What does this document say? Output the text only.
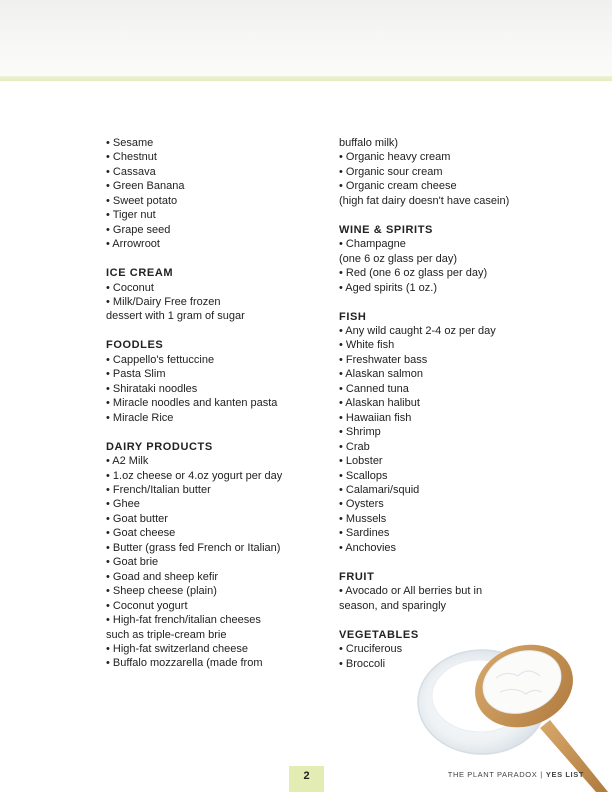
• Sesame
• Chestnut
• Cassava
• Green Banana
• Sweet potato
• Tiger nut
• Grape seed
• Arrowroot
ICE CREAM
• Coconut
• Milk/Dairy Free frozen
dessert with 1 gram of sugar
FOODLES
• Cappello's fettuccine
• Pasta Slim
• Shirataki noodles
• Miracle noodles and kanten pasta
• Miracle Rice
DAIRY PRODUCTS
• A2 Milk
• 1.oz cheese or 4.oz yogurt per day
• French/Italian butter
• Ghee
• Goat butter
• Goat cheese
• Butter (grass fed French or Italian)
• Goat brie
• Goad and sheep kefir
• Sheep cheese (plain)
• Coconut yogurt
• High-fat french/italian cheeses
such as triple-cream brie
• High-fat switzerland cheese
• Buffalo mozzarella (made from
buffalo milk)
• Organic heavy cream
• Organic sour cream
• Organic cream cheese
(high fat dairy doesn't have casein)
WINE & SPIRITS
• Champagne
(one 6 oz glass per day)
• Red (one 6 oz glass per day)
• Aged spirits (1 oz.)
FISH
• Any wild caught 2-4 oz per day
• White fish
• Freshwater bass
• Alaskan salmon
• Canned tuna
• Alaskan halibut
• Hawaiian fish
• Shrimp
• Crab
• Lobster
• Scallops
• Calamari/squid
• Oysters
• Mussels
• Sardines
• Anchovies
FRUIT
• Avocado or All berries but in
season, and sparingly
VEGETABLES
• Cruciferous
• Broccoli
2	THE PLANT PARADOX | YES LIST
